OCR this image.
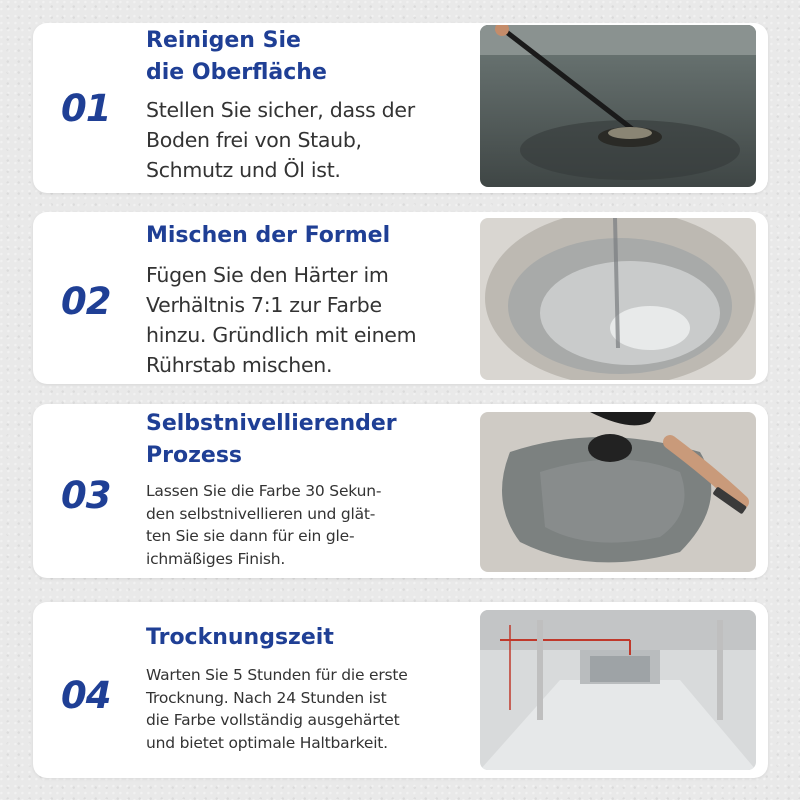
01
Reinigen Sie
die Oberfläche

Stellen Sie sicher, dass der
Boden frei von Staub,
Schmutz und Öl ist.

02
Mischen der Formel

Fügen Sie den Härter im
Verhältnis 7:1 zur Farbe
hinzu. Gründlich mit einem
Rührstab mischen.

03
Selbstnivellierender
Prozess

Lassen Sie die Farbe 30 Sekun-
den selbstnivellieren und glät-
ten Sie sie dann für ein gle-
ichmäßiges Finish.

04
Trocknungszeit

Warten Sie 5 Stunden für die erste
Trocknung. Nach 24 Stunden ist
die Farbe vollständig ausgehärtet
und bietet optimale Haltbarkeit.
